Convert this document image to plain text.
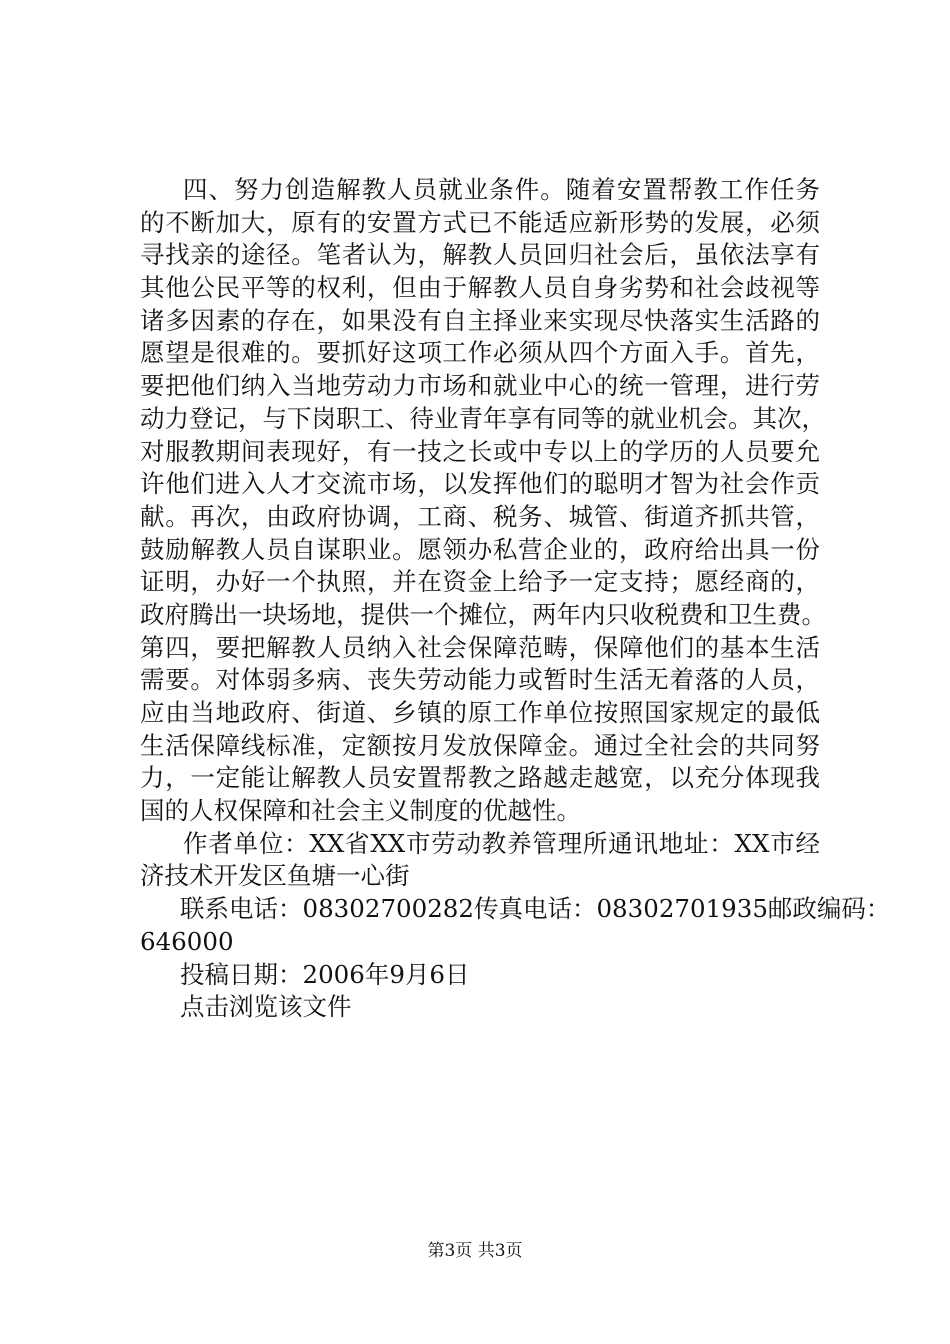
四、努力创造解教人员就业条件。随着安置帮教工作任务
的不断加大，原有的安置方式已不能适应新形势的发展，必须
寻找亲的途径。笔者认为，解教人员回归社会后，虽依法享有
其他公民平等的权利，但由于解教人员自身劣势和社会歧视等
诸多因素的存在，如果没有自主择业来实现尽快落实生活路的
愿望是很难的。要抓好这项工作必须从四个方面入手。首先，
要把他们纳入当地劳动力市场和就业中心的统一管理，进行劳
动力登记，与下岗职工、待业青年享有同等的就业机会。其次，
对服教期间表现好，有一技之长或中专以上的学历的人员要允
许他们进入人才交流市场，以发挥他们的聪明才智为社会作贡
献。再次，由政府协调，工商、税务、城管、街道齐抓共管，
鼓励解教人员自谋职业。愿领办私营企业的，政府给出具一份
证明，办好一个执照，并在资金上给予一定支持；愿经商的，
政府腾出一块场地，提供一个摊位，两年内只收税费和卫生费。
第四，要把解教人员纳入社会保障范畴，保障他们的基本生活
需要。对体弱多病、丧失劳动能力或暂时生活无着落的人员，
应由当地政府、街道、乡镇的原工作单位按照国家规定的最低
生活保障线标准，定额按月发放保障金。通过全社会的共同努
力，一定能让解教人员安置帮教之路越走越宽，以充分体现我
国的人权保障和社会主义制度的优越性。
作者单位：XX省XX市劳动教养管理所通讯地址：XX市经
济技术开发区鱼塘一心街
联系电话：08302700282传真电话：08302701935邮政编码：
646000
投稿日期：2006年9月6日
点击浏览该文件
第3页 共3页
